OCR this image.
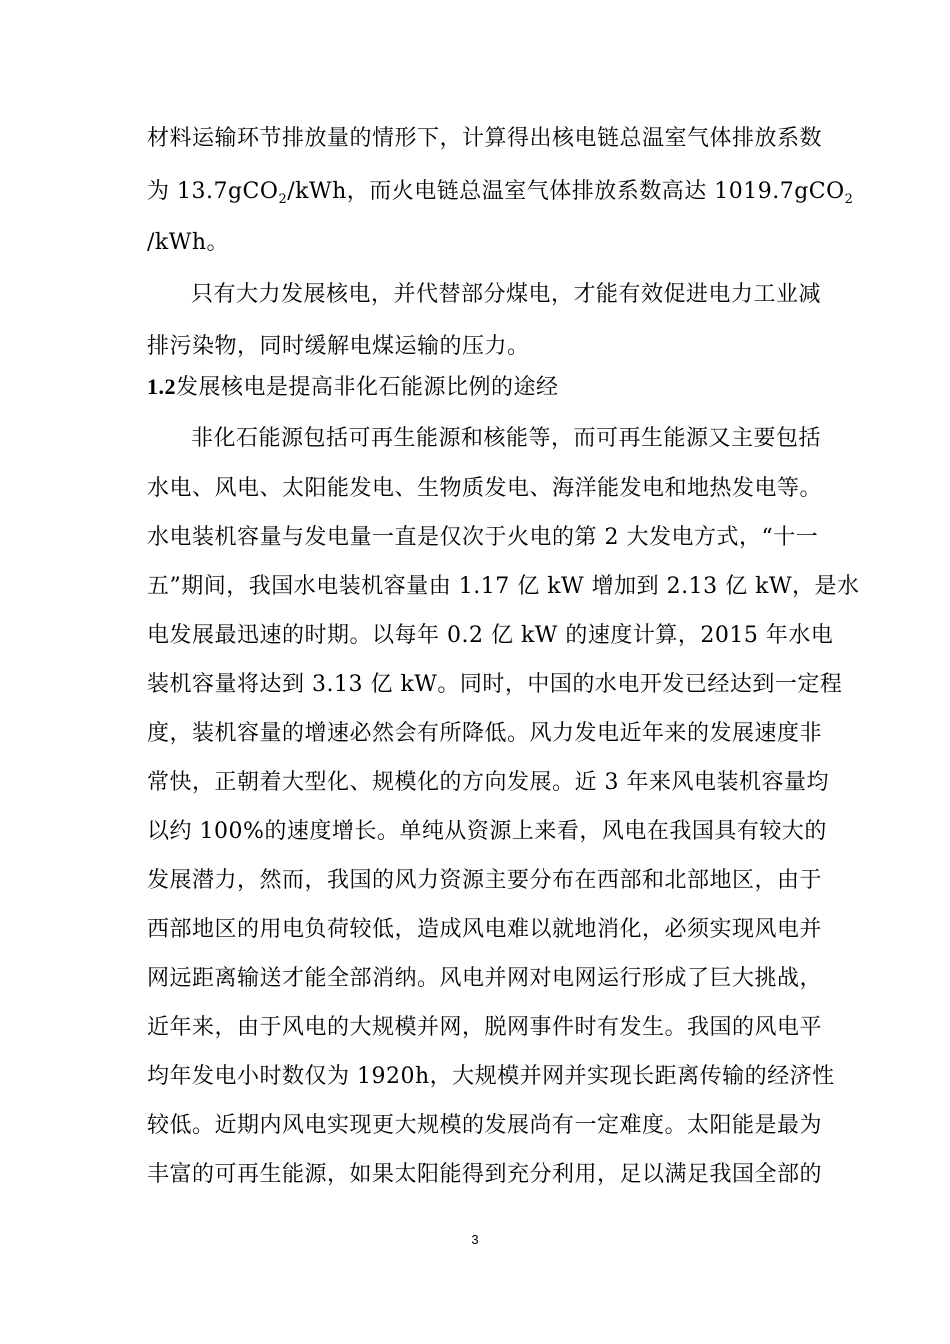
材料运输环节排放量的情形下，计算得出核电链总温室气体排放系数
为 13.7gCO$_2$/kWh，而火电链总温室气体排放系数高达 1019.7gCO$_2$
/kWh。
只有大力发展核电，并代替部分煤电，才能有效促进电力工业减
排污染物，同时缓解电煤运输的压力。
1.2发展核电是提高非化石能源比例的途经
非化石能源包括可再生能源和核能等，而可再生能源又主要包括
水电、风电、太阳能发电、生物质发电、海洋能发电和地热发电等。
水电装机容量与发电量一直是仅次于火电的第 2 大发电方式，“十一
五”期间，我国水电装机容量由 1.17 亿 kW 增加到 2.13 亿 kW，是水
电发展最迅速的时期。以每年 0.2 亿 kW 的速度计算，2015 年水电
装机容量将达到 3.13 亿 kW。同时，中国的水电开发已经达到一定程
度，装机容量的增速必然会有所降低。风力发电近年来的发展速度非
常快，正朝着大型化、规模化的方向发展。近 3 年来风电装机容量均
以约 100%的速度增长。单纯从资源上来看，风电在我国具有较大的
发展潜力，然而，我国的风力资源主要分布在西部和北部地区，由于
西部地区的用电负荷较低，造成风电难以就地消化，必须实现风电并
网远距离输送才能全部消纳。风电并网对电网运行形成了巨大挑战，
近年来，由于风电的大规模并网，脱网事件时有发生。我国的风电平
均年发电小时数仅为 1920h，大规模并网并实现长距离传输的经济性
较低。近期内风电实现更大规模的发展尚有一定难度。太阳能是最为
丰富的可再生能源，如果太阳能得到充分利用，足以满足我国全部的
3
